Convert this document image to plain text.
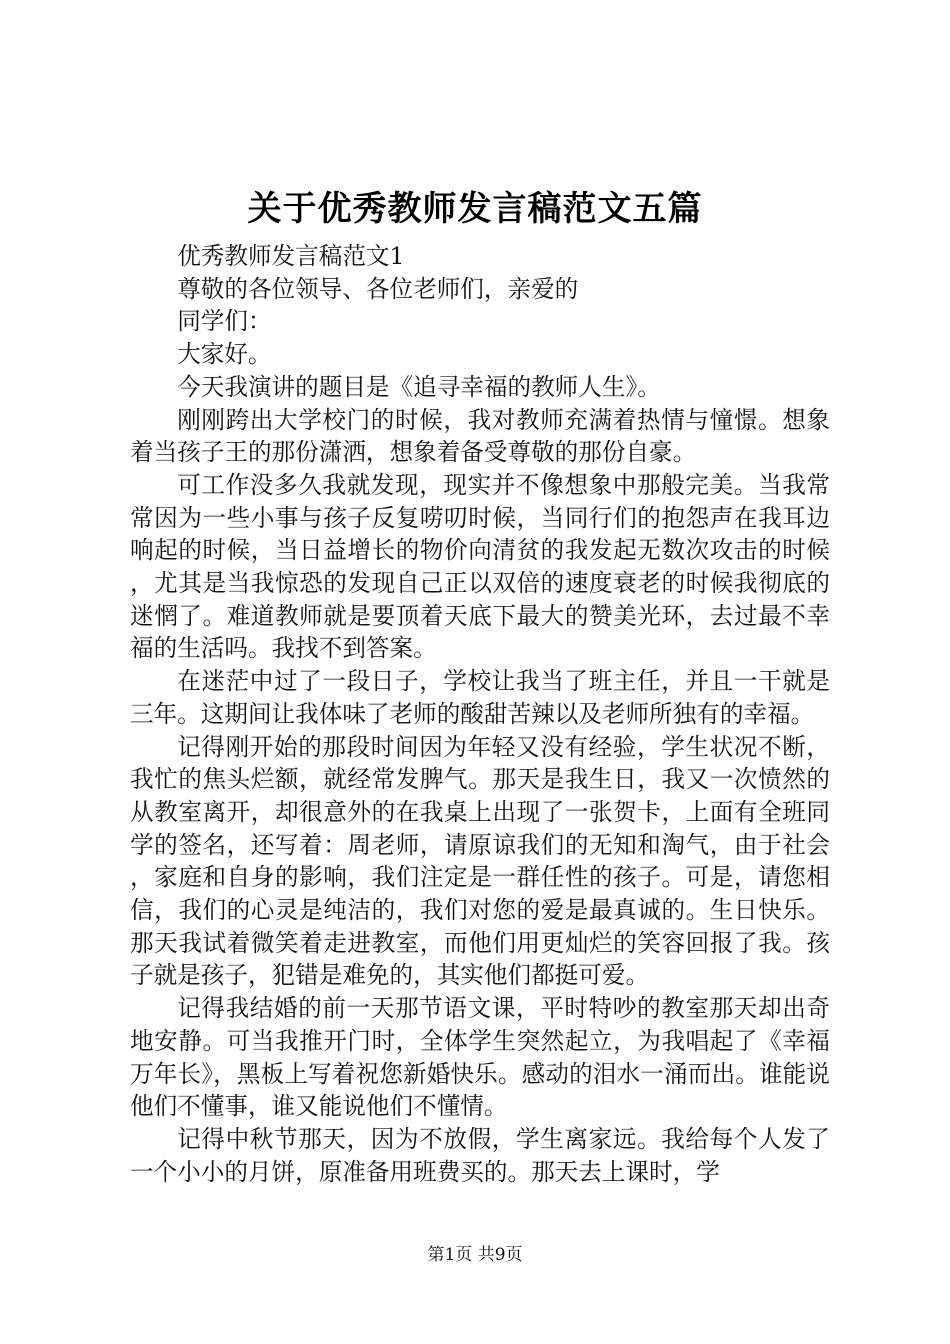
关于优秀教师发言稿范文五篇

优秀教师发言稿范文1

尊敬的各位领导、各位老师们，亲爱的

同学们：

大家好。

今天我演讲的题目是《追寻幸福的教师人生》。

刚刚跨出大学校门的时候，我对教师充满着热情与憧憬。想象着当孩子王的那份潇洒，想象着备受尊敬的那份自豪。

可工作没多久我就发现，现实并不像想象中那般完美。当我常常因为一些小事与孩子反复唠叨时候，当同行们的抱怨声在我耳边响起的时候，当日益增长的物价向清贫的我发起无数次攻击的时候，尤其是当我惊恐的发现自己正以双倍的速度衰老的时候我彻底的迷惘了。难道教师就是要顶着天底下最大的赞美光环，去过最不幸福的生活吗。我找不到答案。

在迷茫中过了一段日子，学校让我当了班主任，并且一干就是三年。这期间让我体味了老师的酸甜苦辣以及老师所独有的幸福。

记得刚开始的那段时间因为年轻又没有经验，学生状况不断，我忙的焦头烂额，就经常发脾气。那天是我生日，我又一次愤然的从教室离开，却很意外的在我桌上出现了一张贺卡，上面有全班同学的签名，还写着：周老师，请原谅我们的无知和淘气，由于社会，家庭和自身的影响，我们注定是一群任性的孩子。可是，请您相信，我们的心灵是纯洁的，我们对您的爱是最真诚的。生日快乐。那天我试着微笑着走进教室，而他们用更灿烂的笑容回报了我。孩子就是孩子，犯错是难免的，其实他们都挺可爱。

记得我结婚的前一天那节语文课，平时特吵的教室那天却出奇地安静。可当我推开门时，全体学生突然起立，为我唱起了《幸福万年长》，黑板上写着祝您新婚快乐。感动的泪水一涌而出。谁能说他们不懂事，谁又能说他们不懂情。

记得中秋节那天，因为不放假，学生离家远。我给每个人发了一个小小的月饼，原准备用班费买的。那天去上课时，学

第1页 共9页
